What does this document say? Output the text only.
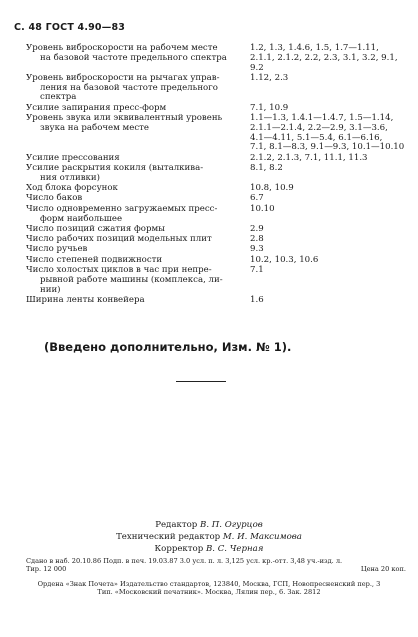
С. 48 ГОСТ 4.90—83
Уровень виброскорости на рабочем месте
на базовой частоте предельного спектра
1.2, 1.3, 1.4.6, 1.5, 1.7—1.11,
2.1.1, 2.1.2, 2.2, 2.3, 3.1, 3.2, 9.1,
9.2
Уровень виброскорости на рычагах управ-
ления на базовой частоте предельного
спектра
1.12, 2.3
Усилие запирания пресс-форм	7.1, 10.9
Уровень звука или эквивалентный уровень
звука на рабочем месте
1.1—1.3, 1.4.1—1.4.7, 1.5—1.14,
2.1.1—2.1.4, 2.2—2.9, 3.1—3.6,
4.1—4.11, 5.1—5.4, 6.1—6.16,
7.1, 8.1—8.3, 9.1—9.3, 10.1—10.10
Усилие прессования	2.1.2, 2.1.3, 7.1, 11.1, 11.3
Усилие раскрытия кокиля (выталкива-
ния отливки)
8.1, 8.2
Ход блока форсунок	10.8, 10.9
Число баков	6.7
Число одновременно загружаемых пресс-
форм наибольшее
10.10
Число позиций сжатия формы	2.9
Число рабочих позиций модельных плит	2.8
Число ручьев	9.3
Число степеней подвижности	10.2, 10.3, 10.6
Число холостых циклов в час при непре-
рывной работе машины (комплекса, ли-
нии)
7.1
Ширина ленты конвейера	1.6
(Введено дополнительно, Изм. № 1).
Редактор В. П. Огурцов
Технический редактор М. И. Максимова
Корректор В. С. Черная
Сдано в наб. 20.10.86 Подп. в печ. 19.03.87 3.0 усл. п. л. 3,125 усл. кр.-отт. 3,48 уч.-изд. л.
Тир. 12 000	Цена 20 коп.
Ордена «Знак Почета» Издательство стандартов, 123840, Москва, ГСП, Новопресненский пер., 3
Тип. «Московский печатник». Москва, Лялин пер., 6. Зак. 2812
